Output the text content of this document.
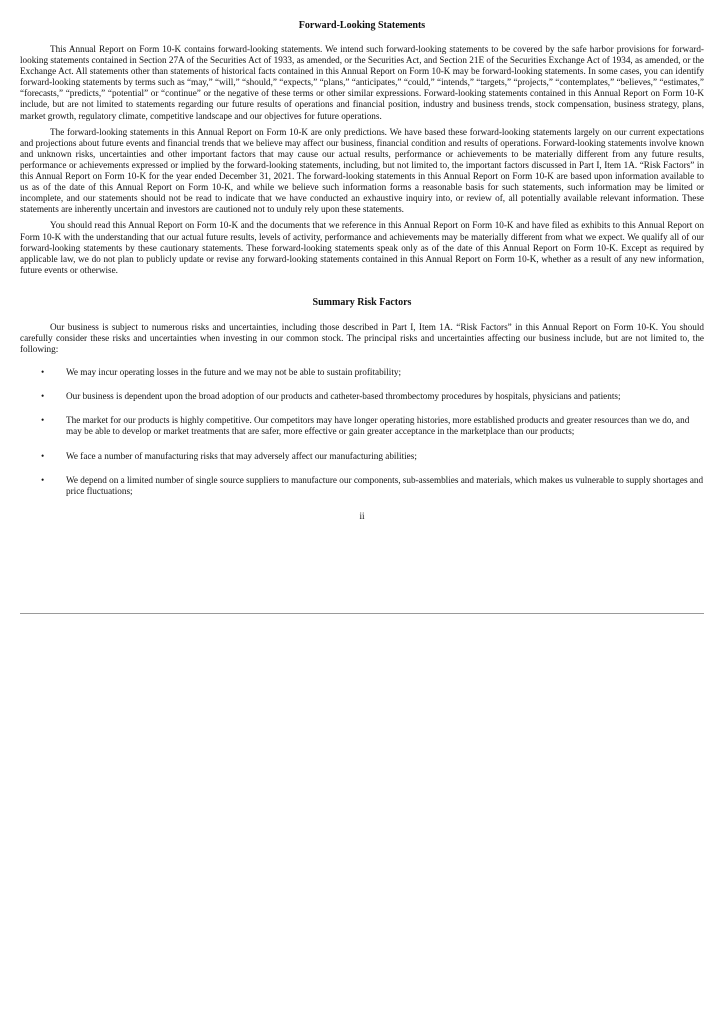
Forward-Looking Statements

This Annual Report on Form 10-K contains forward-looking statements. We intend such forward-looking statements to be covered by the safe harbor provisions for forward-looking statements contained in Section 27A of the Securities Act of 1933, as amended, or the Securities Act, and Section 21E of the Securities Exchange Act of 1934, as amended, or the Exchange Act. All statements other than statements of historical facts contained in this Annual Report on Form 10-K may be forward-looking statements. In some cases, you can identify forward-looking statements by terms such as “may,” “will,” “should,” “expects,” “plans,” “anticipates,” “could,” “intends,” “targets,” “projects,” “contemplates,” “believes,” “estimates,” “forecasts,” “predicts,” “potential” or “continue” or the negative of these terms or other similar expressions. Forward-looking statements contained in this Annual Report on Form 10-K include, but are not limited to statements regarding our future results of operations and financial position, industry and business trends, stock compensation, business strategy, plans, market growth, regulatory climate, competitive landscape and our objectives for future operations.

The forward-looking statements in this Annual Report on Form 10-K are only predictions. We have based these forward-looking statements largely on our current expectations and projections about future events and financial trends that we believe may affect our business, financial condition and results of operations. Forward-looking statements involve known and unknown risks, uncertainties and other important factors that may cause our actual results, performance or achievements to be materially different from any future results, performance or achievements expressed or implied by the forward-looking statements, including, but not limited to, the important factors discussed in Part I, Item 1A. “Risk Factors” in this Annual Report on Form 10-K for the year ended December 31, 2021. The forward-looking statements in this Annual Report on Form 10-K are based upon information available to us as of the date of this Annual Report on Form 10-K, and while we believe such information forms a reasonable basis for such statements, such information may be limited or incomplete, and our statements should not be read to indicate that we have conducted an exhaustive inquiry into, or review of, all potentially available relevant information. These statements are inherently uncertain and investors are cautioned not to unduly rely upon these statements.

You should read this Annual Report on Form 10-K and the documents that we reference in this Annual Report on Form 10-K and have filed as exhibits to this Annual Report on Form 10-K with the understanding that our actual future results, levels of activity, performance and achievements may be materially different from what we expect. We qualify all of our forward-looking statements by these cautionary statements. These forward-looking statements speak only as of the date of this Annual Report on Form 10-K. Except as required by applicable law, we do not plan to publicly update or revise any forward-looking statements contained in this Annual Report on Form 10-K, whether as a result of any new information, future events or otherwise.

Summary Risk Factors

Our business is subject to numerous risks and uncertainties, including those described in Part I, Item 1A. “Risk Factors” in this Annual Report on Form 10-K. You should carefully consider these risks and uncertainties when investing in our common stock. The principal risks and uncertainties affecting our business include, but are not limited to, the following:

• We may incur operating losses in the future and we may not be able to sustain profitability;
• Our business is dependent upon the broad adoption of our products and catheter-based thrombectomy procedures by hospitals, physicians and patients;
• The market for our products is highly competitive. Our competitors may have longer operating histories, more established products and greater resources than we do, and may be able to develop or market treatments that are safer, more effective or gain greater acceptance in the marketplace than our products;
• We face a number of manufacturing risks that may adversely affect our manufacturing abilities;
• We depend on a limited number of single source suppliers to manufacture our components, sub-assemblies and materials, which makes us vulnerable to supply shortages and price fluctuations;
ii
